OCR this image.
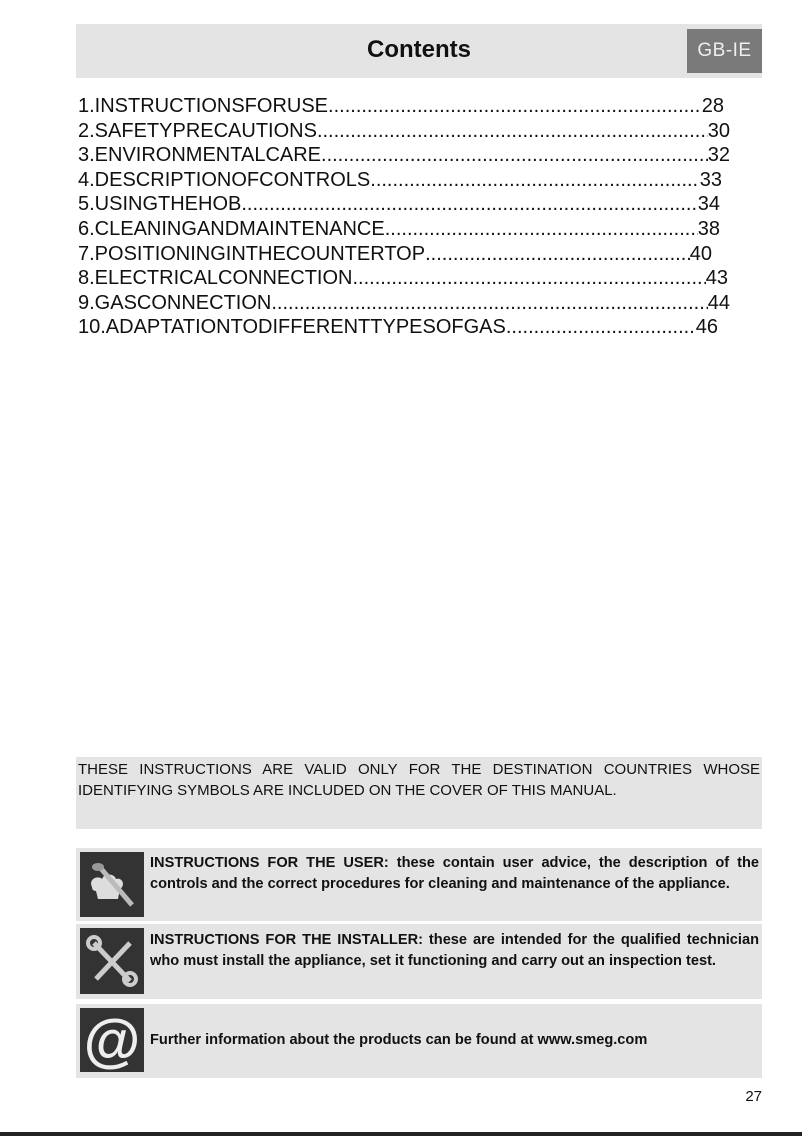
Contents	GB-IE
1.INSTRUCTIONSFORUSE .....	28
2.SAFETYPRECAUTIONS .....	30
3.ENVIRONMENTALCARE .....	32
4.DESCRIPTIONOFCONTROLS .....	33
5.USINGTHEHOB .....	34
6.CLEANINGANDMAINTENANCE .....	38
7.POSITIONINGINTHECOUNTERTOP .....	40
8.ELECTRICALCONNECTION .....	43
9.GASCONNECTION .....	44
10.ADAPTATIONTODIFFERENTTYPESOFGAS .....	46
THESE INSTRUCTIONS ARE VALID ONLY FOR THE DESTINATION COUNTRIES WHOSE IDENTIFYING SYMBOLS ARE INCLUDED ON THE COVER OF THIS MANUAL.
INSTRUCTIONS FOR THE USER: these contain user advice, the description of the controls and the correct procedures for cleaning and maintenance of the appliance.
INSTRUCTIONS FOR THE INSTALLER: these are intended for the qualified technician who must install the appliance, set it functioning and carry out an inspection test.
@ Further information about the products can be found at www.smeg.com
27
